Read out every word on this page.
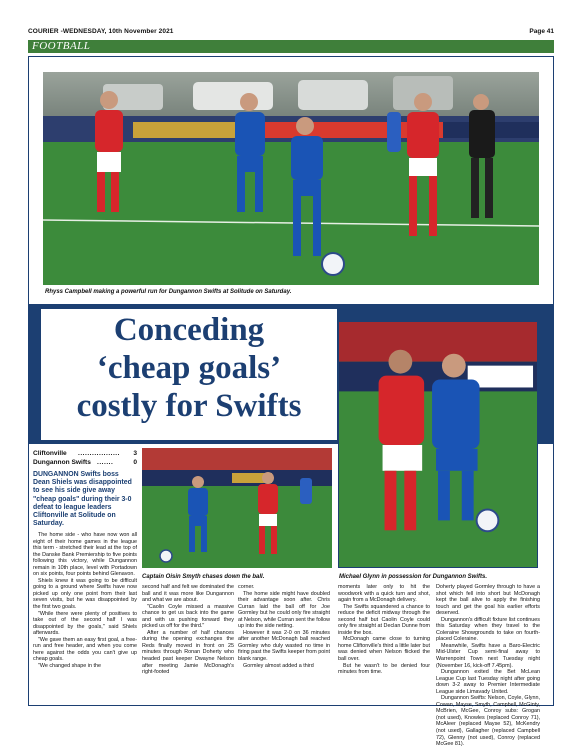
COURIER -WEDNESDAY, 10th November 2021	Page 41
FOOTBALL
Rhyss Campbell making a powerful run for Dungannon Swifts at Solitude on Saturday.
Conceding
‘cheap goals’
costly for Swifts
Michael Glynn in possession for Dungannon Swifts.
Captain Oisin Smyth chases down the ball.
Cliftonville ..................	3
Dungannon Swifts .......	0
DUNGANNON Swifts boss Dean Shiels was disappointed to see his side give away "cheap goals" during their 3-0 defeat to league leaders Cliftonville at Solitude on Saturday.

The home side - who have now won all eight of their home games in the league this term - stretched their lead at the top of the Danske Bank Premiership to five points following this victory, while Dungannon remain in 10th place, level with Portadown on six points, four points behind Glenavon.

Shiels knew it was going to be difficult going to a ground where Swifts have now picked up only one point from their last seven visits, but he was disappointed by the first two goals.

"While there were plenty of positives to take out of the second half I was disappointed by the goals," said Shiels afterwards.

"We gave them an easy first goal, a free-run and free header, and when you come here against the odds you can't give up cheap goals.

"We changed shape in the

second half and felt we dominated the ball and it was more like Dungannon and what we are about.

"Caolin Coyle missed a massive chance to get us back into the game and with us pushing forward they picked us off for the third."

After a number of half chances during the opening exchanges the Reds finally moved in front on 25 minutes through Ronan Doherty who headed past keeper Dwayne Nelson after meeting Jamie McDonagh's right-footed

corner.

The home side might have doubled their advantage soon after. Chris Curran laid the ball off for Joe Gormley but he could only fire straight at Nelson, while Curran sent the follow up into the side netting.

However it was 2-0 on 36 minutes after another McDonagh ball reached Gormley who duly wasted no time in firing past the Swifts keeper from point blank range.

Gormley almost added a third

moments later only to hit the woodwork with a quick turn and shot, again from a McDonagh delivery.

The Swifts squandered a chance to reduce the deficit midway through the second half but Caolin Coyle could only fire straight at Declan Dunne from inside the box.

McDonagh came close to turning home Cliftonville's third a little later but was denied when Nelson flicked the ball over.

But he wasn't to be denied four minutes from time.

Doherty played Gormley through to have a shot which fell into short but McDonagh kept the ball alive to apply the finishing touch and get the goal his earlier efforts deserved.

Dungannon's difficult fixture list continues this Saturday when they travel to the Coleraine Showgrounds to take on fourth-placed Coleraine.

Meanwhile, Swifts have a Baro-Electric Mid-Ulster Cup semi-final away to Warrenpoint Town next Tuesday night (November 16, kick-off 7.45pm).

Dungannon exited the Bet McLean League Cup last Tuesday night after going down 3-2 away to Premier Intermediate League side Limavady United.

Dungannon Swifts: Nelson, Coyle, Glynn, Cowan, Mayse, Smyth, Campbell, McGinty, McBrien, McGee, Conroy subs: Grogan (not used), Knowles (replaced Conroy 71), McAleer (replaced Mayse 52), McKendry (not used), Gallagher (replaced Campbell 72), Glenny (not used), Conroy (replaced McGee 81).
